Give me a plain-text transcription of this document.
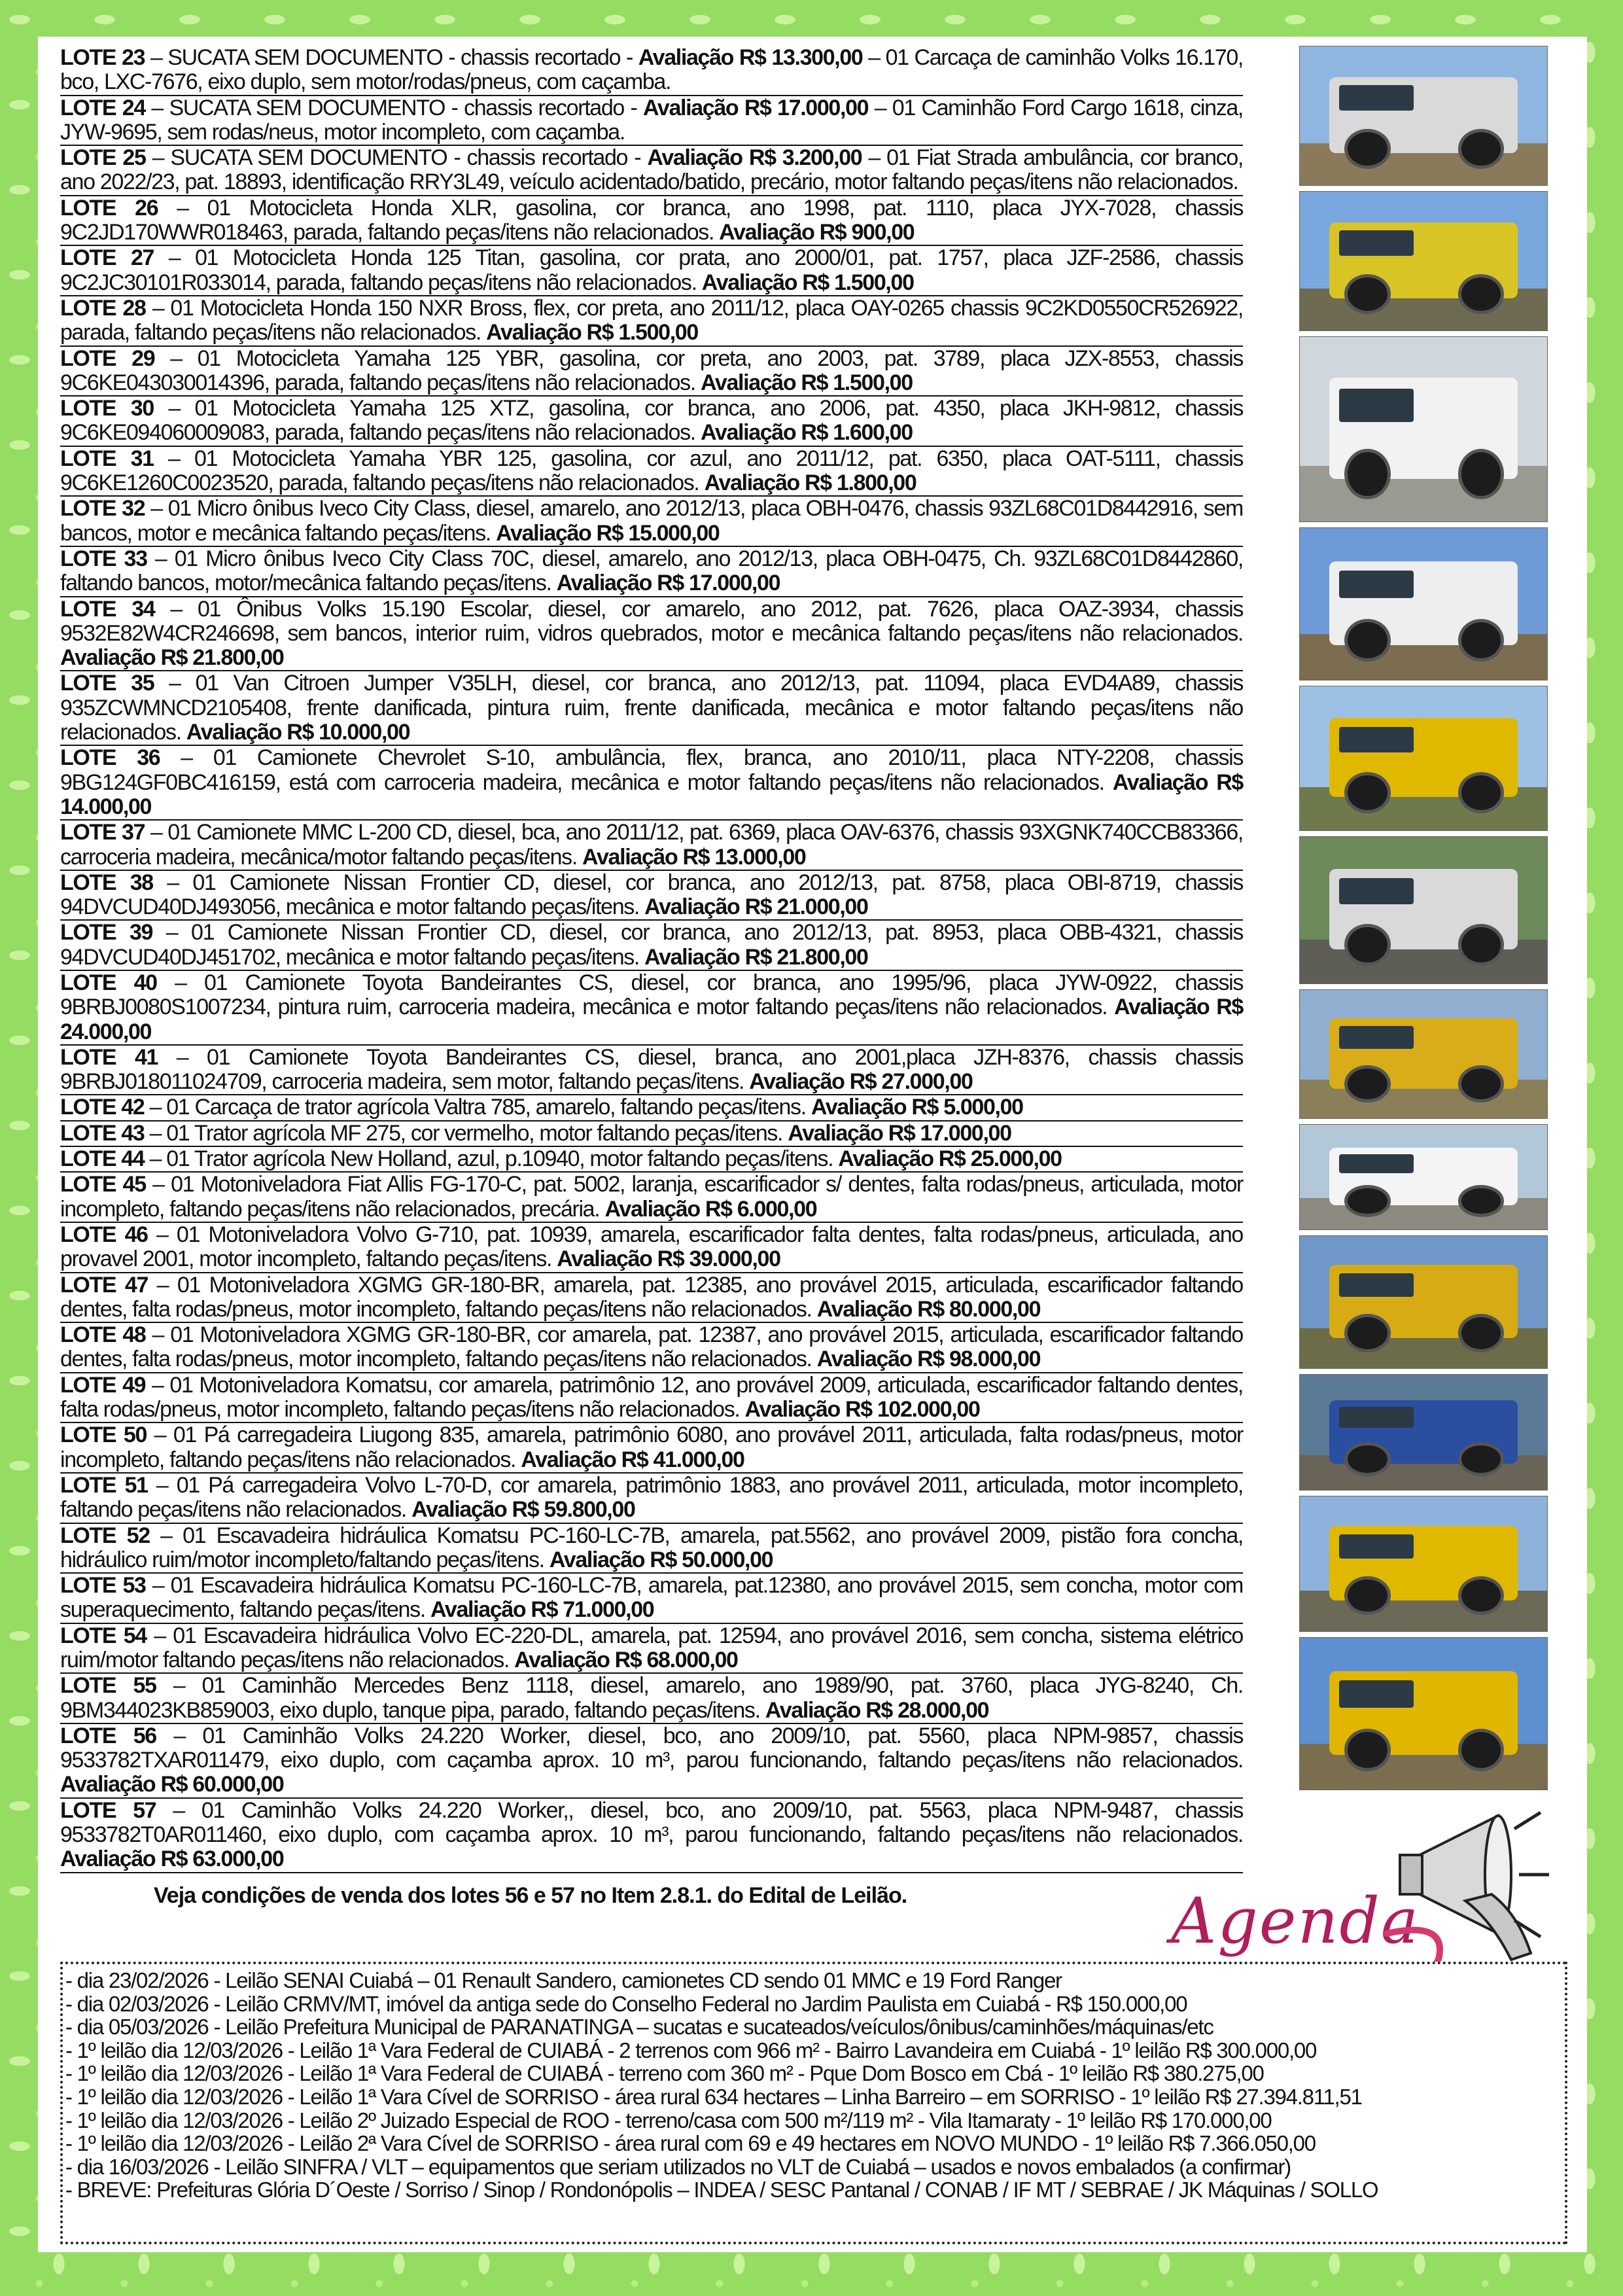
LOTE 23 – SUCATA SEM DOCUMENTO - chassis recortado - Avaliação R$ 13.300,00 – 01 Carcaça de caminhão Volks 16.170, bco, LXC-7676, eixo duplo, sem motor/rodas/pneus, com caçamba.
LOTE 24 – SUCATA SEM DOCUMENTO - chassis recortado - Avaliação R$ 17.000,00 – 01 Caminhão Ford Cargo 1618, cinza, JYW-9695, sem rodas/neus, motor incompleto, com caçamba.
LOTE 25 – SUCATA SEM DOCUMENTO - chassis recortado - Avaliação R$ 3.200,00 – 01 Fiat Strada ambulância, cor branco, ano 2022/23, pat. 18893, identificação RRY3L49, veículo acidentado/batido, precário, motor faltando peças/itens não relacionados.
LOTE 26 – 01 Motocicleta Honda XLR, gasolina, cor branca, ano 1998, pat. 1110, placa JYX-7028, chassis 9C2JD170WWR018463, parada, faltando peças/itens não relacionados. Avaliação R$ 900,00
LOTE 27 – 01 Motocicleta Honda 125 Titan, gasolina, cor prata, ano 2000/01, pat. 1757, placa JZF-2586, chassis 9C2JC30101R033014, parada, faltando peças/itens não relacionados. Avaliação R$ 1.500,00
LOTE 28 – 01 Motocicleta Honda 150 NXR Bross, flex, cor preta, ano 2011/12, placa OAY-0265 chassis 9C2KD0550CR526922, parada, faltando peças/itens não relacionados. Avaliação R$ 1.500,00
LOTE 29 – 01 Motocicleta Yamaha 125 YBR, gasolina, cor preta, ano 2003, pat. 3789, placa JZX-8553, chassis 9C6KE043030014396, parada, faltando peças/itens não relacionados. Avaliação R$ 1.500,00
LOTE 30 – 01 Motocicleta Yamaha 125 XTZ, gasolina, cor branca, ano 2006, pat. 4350, placa JKH-9812, chassis 9C6KE094060009083, parada, faltando peças/itens não relacionados. Avaliação R$ 1.600,00
LOTE 31 – 01 Motocicleta Yamaha YBR 125, gasolina, cor azul, ano 2011/12, pat. 6350, placa OAT-5111, chassis 9C6KE1260C0023520, parada, faltando peças/itens não relacionados. Avaliação R$ 1.800,00
LOTE 32 – 01 Micro ônibus Iveco City Class, diesel, amarelo, ano 2012/13, placa OBH-0476, chassis 93ZL68C01D8442916, sem bancos, motor e mecânica faltando peças/itens. Avaliação R$ 15.000,00
LOTE 33 – 01 Micro ônibus Iveco City Class 70C, diesel, amarelo, ano 2012/13, placa OBH-0475, Ch. 93ZL68C01D8442860, faltando bancos, motor/mecânica faltando peças/itens. Avaliação R$ 17.000,00
LOTE 34 – 01 Ônibus Volks 15.190 Escolar, diesel, cor amarelo, ano 2012, pat. 7626, placa OAZ-3934, chassis 9532E82W4CR246698, sem bancos, interior ruim, vidros quebrados, motor e mecânica faltando peças/itens não relacionados. Avaliação R$ 21.800,00
LOTE 35 – 01 Van Citroen Jumper V35LH, diesel, cor branca, ano 2012/13, pat. 11094, placa EVD4A89, chassis 935ZCWMNCD2105408, frente danificada, pintura ruim, frente danificada, mecânica e motor faltando peças/itens não relacionados. Avaliação R$ 10.000,00
LOTE 36 – 01 Camionete Chevrolet S-10, ambulância, flex, branca, ano 2010/11, placa NTY-2208, chassis 9BG124GF0BC416159, está com carroceria madeira, mecânica e motor faltando peças/itens não relacionados. Avaliação R$ 14.000,00
LOTE 37 – 01 Camionete MMC L-200 CD, diesel, bca, ano 2011/12, pat. 6369, placa OAV-6376, chassis 93XGNK740CCB83366, carroceria madeira, mecânica/motor faltando peças/itens. Avaliação R$ 13.000,00
LOTE 38 – 01 Camionete Nissan Frontier CD, diesel, cor branca, ano 2012/13, pat. 8758, placa OBI-8719, chassis 94DVCUD40DJ493056, mecânica e motor faltando peças/itens. Avaliação R$ 21.000,00
LOTE 39 – 01 Camionete Nissan Frontier CD, diesel, cor branca, ano 2012/13, pat. 8953, placa OBB-4321, chassis 94DVCUD40DJ451702, mecânica e motor faltando peças/itens. Avaliação R$ 21.800,00
LOTE 40 – 01 Camionete Toyota Bandeirantes CS, diesel, cor branca, ano 1995/96, placa JYW-0922, chassis 9BRBJ0080S1007234, pintura ruim, carroceria madeira, mecânica e motor faltando peças/itens não relacionados. Avaliação R$ 24.000,00
LOTE 41 – 01 Camionete Toyota Bandeirantes CS, diesel, branca, ano 2001,placa JZH-8376, chassis chassis 9BRBJ018011024709, carroceria madeira, sem motor, faltando peças/itens. Avaliação R$ 27.000,00
LOTE 42 – 01 Carcaça de trator agrícola Valtra 785, amarelo, faltando peças/itens. Avaliação R$ 5.000,00
LOTE 43 – 01 Trator agrícola MF 275, cor vermelho, motor faltando peças/itens. Avaliação R$ 17.000,00
LOTE 44 – 01 Trator agrícola New Holland, azul, p.10940, motor faltando peças/itens. Avaliação R$ 25.000,00
LOTE 45 – 01 Motoniveladora Fiat Allis FG-170-C, pat. 5002, laranja, escarificador s/ dentes, falta rodas/pneus, articulada, motor incompleto, faltando peças/itens não relacionados, precária. Avaliação R$ 6.000,00
LOTE 46 – 01 Motoniveladora Volvo G-710, pat. 10939, amarela, escarificador falta dentes, falta rodas/pneus, articulada, ano provavel 2001, motor incompleto, faltando peças/itens. Avaliação R$ 39.000,00
LOTE 47 – 01 Motoniveladora XGMG GR-180-BR, amarela, pat. 12385, ano provável 2015, articulada, escarificador faltando dentes, falta rodas/pneus, motor incompleto, faltando peças/itens não relacionados. Avaliação R$ 80.000,00
LOTE 48 – 01 Motoniveladora XGMG GR-180-BR, cor amarela, pat. 12387, ano provável 2015, articulada, escarificador faltando dentes, falta rodas/pneus, motor incompleto, faltando peças/itens não relacionados. Avaliação R$ 98.000,00
LOTE 49 – 01 Motoniveladora Komatsu, cor amarela, patrimônio 12, ano provável 2009, articulada, escarificador faltando dentes, falta rodas/pneus, motor incompleto, faltando peças/itens não relacionados. Avaliação R$ 102.000,00
LOTE 50 – 01 Pá carregadeira Liugong 835, amarela, patrimônio 6080, ano provável 2011, articulada, falta rodas/pneus, motor incompleto, faltando peças/itens não relacionados. Avaliação R$ 41.000,00
LOTE 51 – 01 Pá carregadeira Volvo L-70-D, cor amarela, patrimônio 1883, ano provável 2011, articulada, motor incompleto, faltando peças/itens não relacionados. Avaliação R$ 59.800,00
LOTE 52 – 01 Escavadeira hidráulica Komatsu PC-160-LC-7B, amarela, pat.5562, ano provável 2009, pistão fora concha, hidráulico ruim/motor incompleto/faltando peças/itens. Avaliação R$ 50.000,00
LOTE 53 – 01 Escavadeira hidráulica Komatsu PC-160-LC-7B, amarela, pat.12380, ano provável 2015, sem concha, motor com superaquecimento, faltando peças/itens. Avaliação R$ 71.000,00
LOTE 54 – 01 Escavadeira hidráulica Volvo EC-220-DL, amarela, pat. 12594, ano provável 2016, sem concha, sistema elétrico ruim/motor faltando peças/itens não relacionados. Avaliação R$ 68.000,00
LOTE 55 – 01 Caminhão Mercedes Benz 1118, diesel, amarelo, ano 1989/90, pat. 3760, placa JYG-8240, Ch. 9BM344023KB859003, eixo duplo, tanque pipa, parado, faltando peças/itens. Avaliação R$ 28.000,00
LOTE 56 – 01 Caminhão Volks 24.220 Worker, diesel, bco, ano 2009/10, pat. 5560, placa NPM-9857, chassis 9533782TXAR011479, eixo duplo, com caçamba aprox. 10 m³, parou funcionando, faltando peças/itens não relacionados. Avaliação R$ 60.000,00
LOTE 57 – 01 Caminhão Volks 24.220 Worker,, diesel, bco, ano 2009/10, pat. 5563, placa NPM-9487, chassis 9533782T0AR011460, eixo duplo, com caçamba aprox. 10 m³, parou funcionando, faltando peças/itens não relacionados. Avaliação R$ 63.000,00
Veja condições de venda dos lotes 56 e 57 no Item 2.8.1. do Edital de Leilão.	Agenda
- dia 23/02/2026 - Leilão SENAI Cuiabá – 01 Renault Sandero, camionetes CD sendo 01 MMC e 19 Ford Ranger
- dia 02/03/2026 - Leilão CRMV/MT, imóvel da antiga sede do Conselho Federal no Jardim Paulista em Cuiabá - R$ 150.000,00
- dia 05/03/2026 - Leilão Prefeitura Municipal de PARANATINGA – sucatas e sucateados/veículos/ônibus/caminhões/máquinas/etc
- 1º leilão dia 12/03/2026 - Leilão 1ª Vara Federal de CUIABÁ - 2 terrenos com 966 m² - Bairro Lavandeira em Cuiabá - 1º leilão R$ 300.000,00
- 1º leilão dia 12/03/2026 - Leilão 1ª Vara Federal de CUIABÁ - terreno com 360 m² - Pque Dom Bosco em Cbá - 1º leilão R$ 380.275,00
- 1º leilão dia 12/03/2026 - Leilão 1ª Vara Cível de SORRISO - área rural 634 hectares – Linha Barreiro – em SORRISO - 1º leilão R$ 27.394.811,51
- 1º leilão dia 12/03/2026 - Leilão 2º Juizado Especial de ROO - terreno/casa com 500 m²/119 m² - Vila Itamaraty - 1º leilão R$ 170.000,00
- 1º leilão dia 12/03/2026 - Leilão 2ª Vara Cível de SORRISO - área rural com 69 e 49 hectares em NOVO MUNDO - 1º leilão R$ 7.366.050,00
- dia 16/03/2026 - Leilão SINFRA / VLT – equipamentos que seriam utilizados no VLT de Cuiabá – usados e novos embalados (a confirmar)
- BREVE: Prefeituras Glória D´Oeste / Sorriso / Sinop / Rondonópolis – INDEA / SESC Pantanal / CONAB / IF MT / SEBRAE / JK Máquinas / SOLLO
